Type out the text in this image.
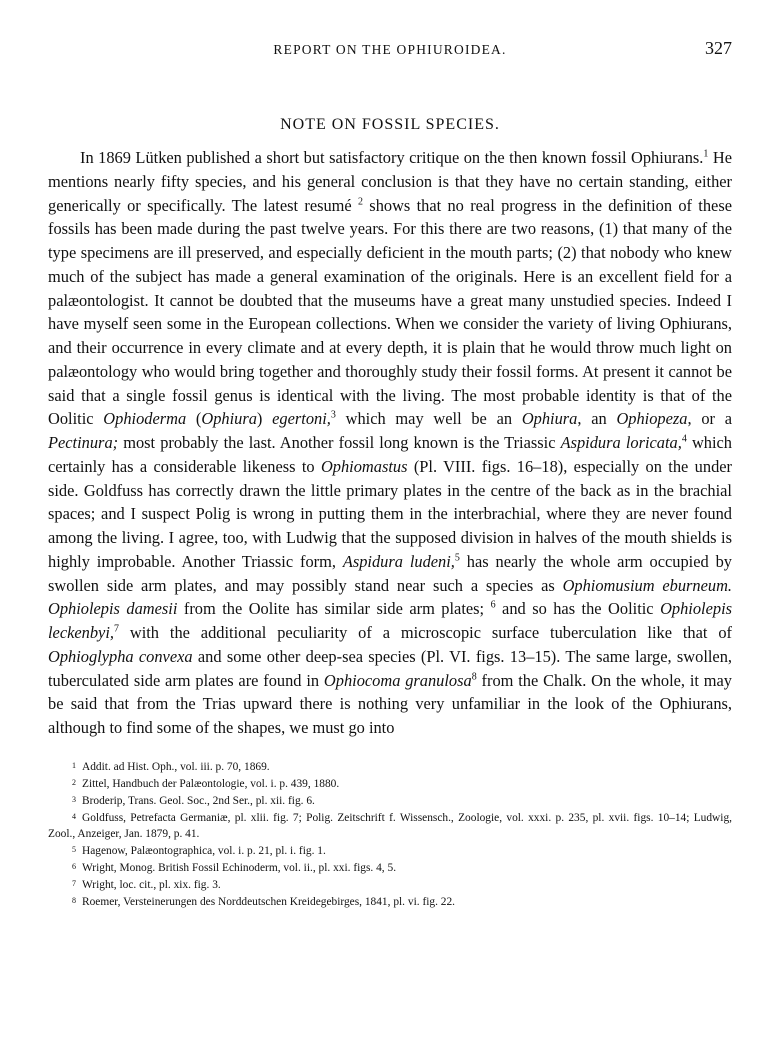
REPORT ON THE OPHIUROIDEA.	327
NOTE ON FOSSIL SPECIES.

In 1869 Lütken published a short but satisfactory critique on the then known fossil Ophiurans.$^1$ He mentions nearly fifty species, and his general conclusion is that they have no certain standing, either generically or specifically. The latest resumé $^2$ shows that no real progress in the definition of these fossils has been made during the past twelve years. For this there are two reasons, (1) that many of the type specimens are ill preserved, and especially deficient in the mouth parts; (2) that nobody who knew much of the subject has made a general examination of the originals. Here is an excellent field for a palæontologist. It cannot be doubted that the museums have a great many unstudied species. Indeed I have myself seen some in the European collections. When we consider the variety of living Ophiurans, and their occurrence in every climate and at every depth, it is plain that he would throw much light on palæontology who would bring together and thoroughly study their fossil forms. At present it cannot be said that a single fossil genus is identical with the living. The most probable identity is that of the Oolitic Ophioderma (Ophiura) egertoni,$^3$ which may well be an Ophiura, an Ophiopeza, or a Pectinura; most probably the last. Another fossil long known is the Triassic Aspidura loricata,$^4$ which certainly has a considerable likeness to Ophiomastus (Pl. VIII. figs. 16–18), especially on the under side. Goldfuss has correctly drawn the little primary plates in the centre of the back as in the brachial spaces; and I suspect Polig is wrong in putting them in the interbrachial, where they are never found among the living. I agree, too, with Ludwig that the supposed division in halves of the mouth shields is highly improbable. Another Triassic form, Aspidura ludeni,$^5$ has nearly the whole arm occupied by swollen side arm plates, and may possibly stand near such a species as Ophiomusium eburneum. Ophiolepis damesii from the Oolite has similar side arm plates; $^6$ and so has the Oolitic Ophiolepis leckenbyi,$^7$ with the additional peculiarity of a microscopic surface tuberculation like that of Ophioglypha convexa and some other deep-sea species (Pl. VI. figs. 13–15). The same large, swollen, tuberculated side arm plates are found in Ophiocoma granulosa$^8$ from the Chalk. On the whole, it may be said that from the Trias upward there is nothing very unfamiliar in the look of the Ophiurans, although to find some of the shapes, we must go into

1 Addit. ad Hist. Oph., vol. iii. p. 70, 1869.
2 Zittel, Handbuch der Palæontologie, vol. i. p. 439, 1880.
3 Broderip, Trans. Geol. Soc., 2nd Ser., pl. xii. fig. 6.
4 Goldfuss, Petrefacta Germaniæ, pl. xlii. fig. 7; Polig. Zeitschrift f. Wissensch., Zoologie, vol. xxxi. p. 235, pl. xvii. figs. 10–14; Ludwig, Zool., Anzeiger, Jan. 1879, p. 41.
5 Hagenow, Palæontographica, vol. i. p. 21, pl. i. fig. 1.
6 Wright, Monog. British Fossil Echinoderm, vol. ii., pl. xxi. figs. 4, 5.
7 Wright, loc. cit., pl. xix. fig. 3.
8 Roemer, Versteinerungen des Norddeutschen Kreidegebirges, 1841, pl. vi. fig. 22.
